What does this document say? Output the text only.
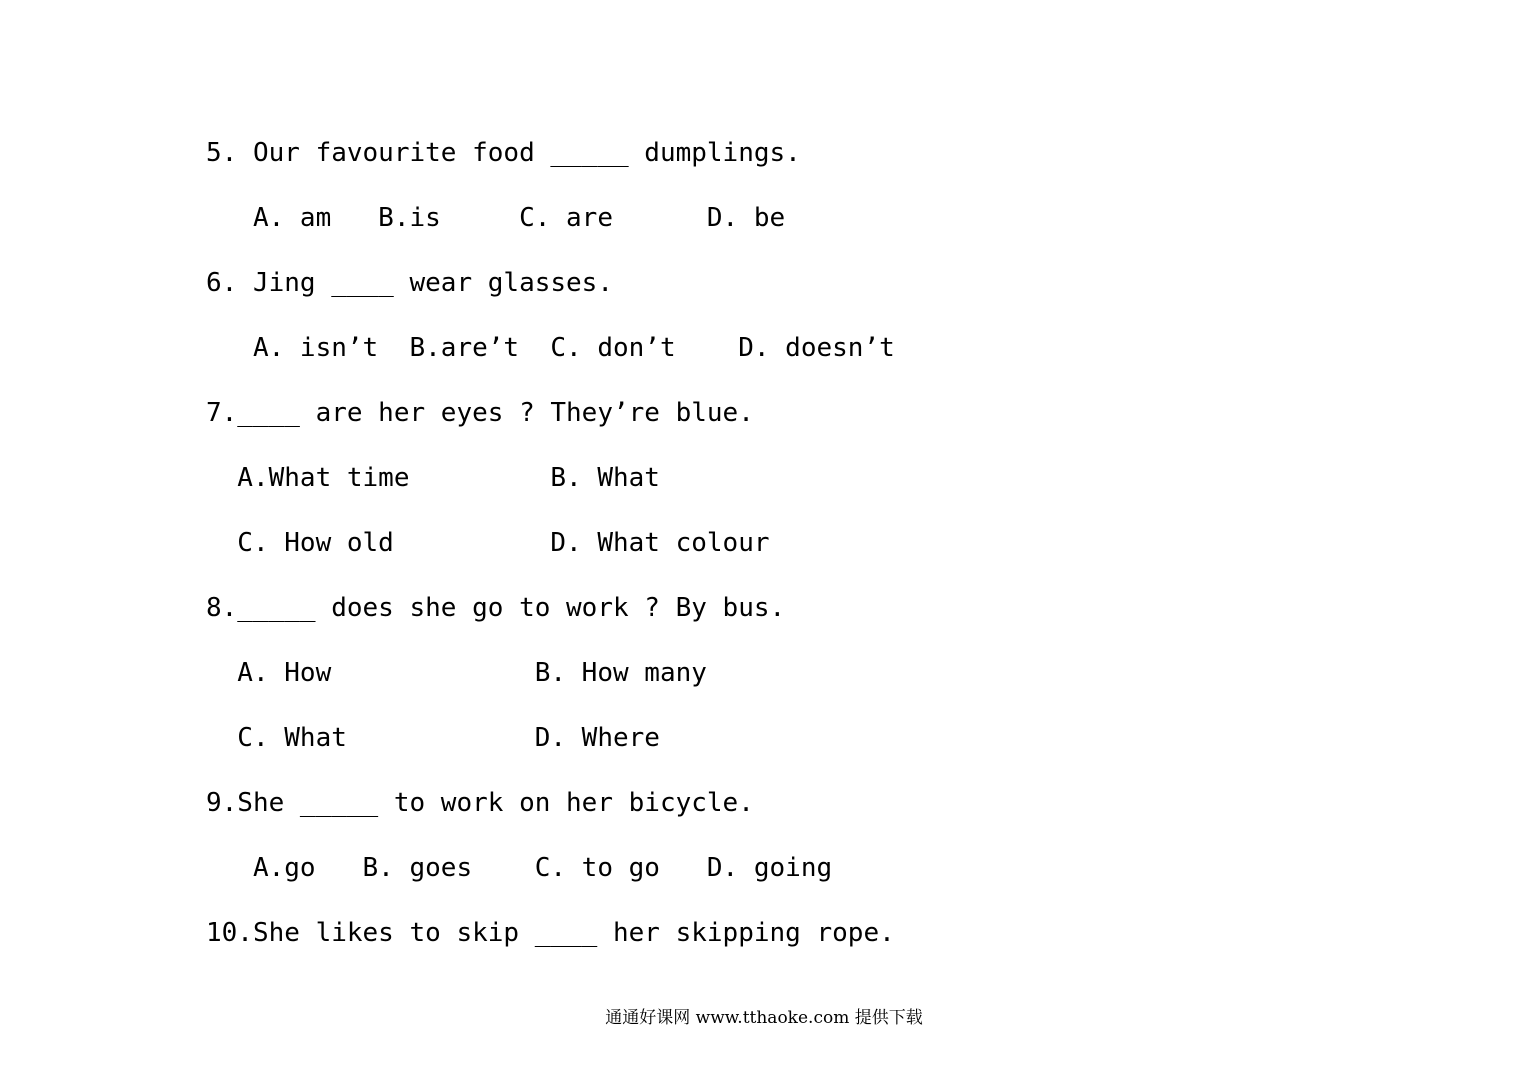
5. Our favourite food _____ dumplings.
A. am   B.is     C. are      D. be
6. Jing ____ wear glasses.
A. isn’t  B.are’t  C. don’t    D. doesn’t
7.____ are her eyes ? They’re blue.
A.What time         B. What
C. How old          D. What colour
8._____ does she go to work ? By bus.
A. How             B. How many
C. What            D. Where
9.She _____ to work on her bicycle.
A.go   B. goes    C. to go   D. going
10.She likes to skip ____ her skipping rope.
通通好课网 www.tthaoke.com 提供下载
